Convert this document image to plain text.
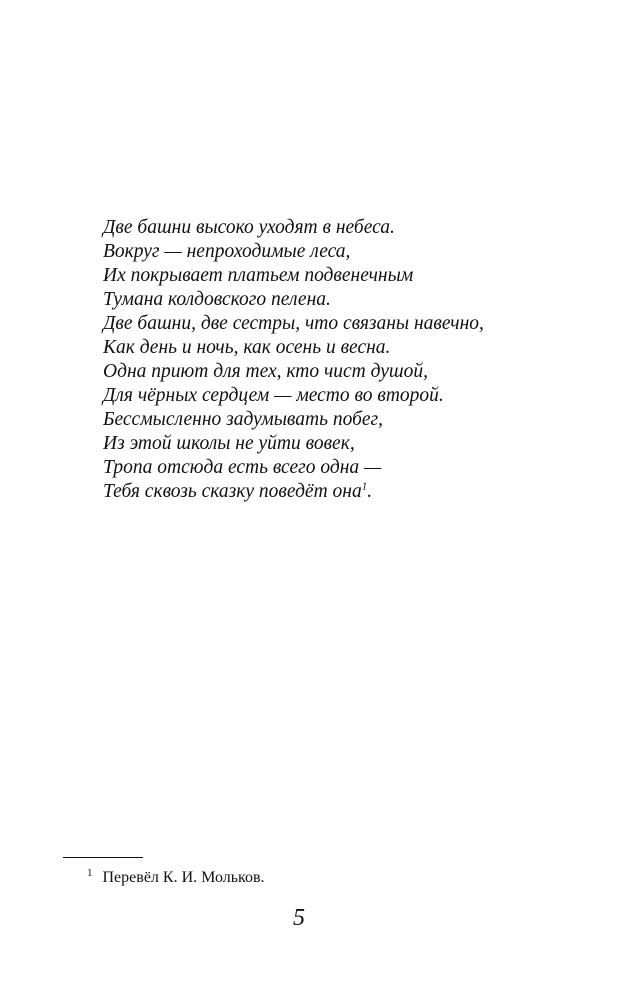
Две башни высоко уходят в небеса.
Вокруг — непроходимые леса,
Их покрывает платьем подвенечным
Тумана колдовского пелена.
Две башни, две сестры, что связаны навечно,
Как день и ночь, как осень и весна.
Одна приют для тех, кто чист душой,
Для чёрных сердцем — место во второй.
Бессмысленно задумывать побег,
Из этой школы не уйти вовек,
Тропа отсюда есть всего одна —
Тебя сквозь сказку поведёт она$^1$.
$^1$ Перевёл К. И. Мольков.
5
